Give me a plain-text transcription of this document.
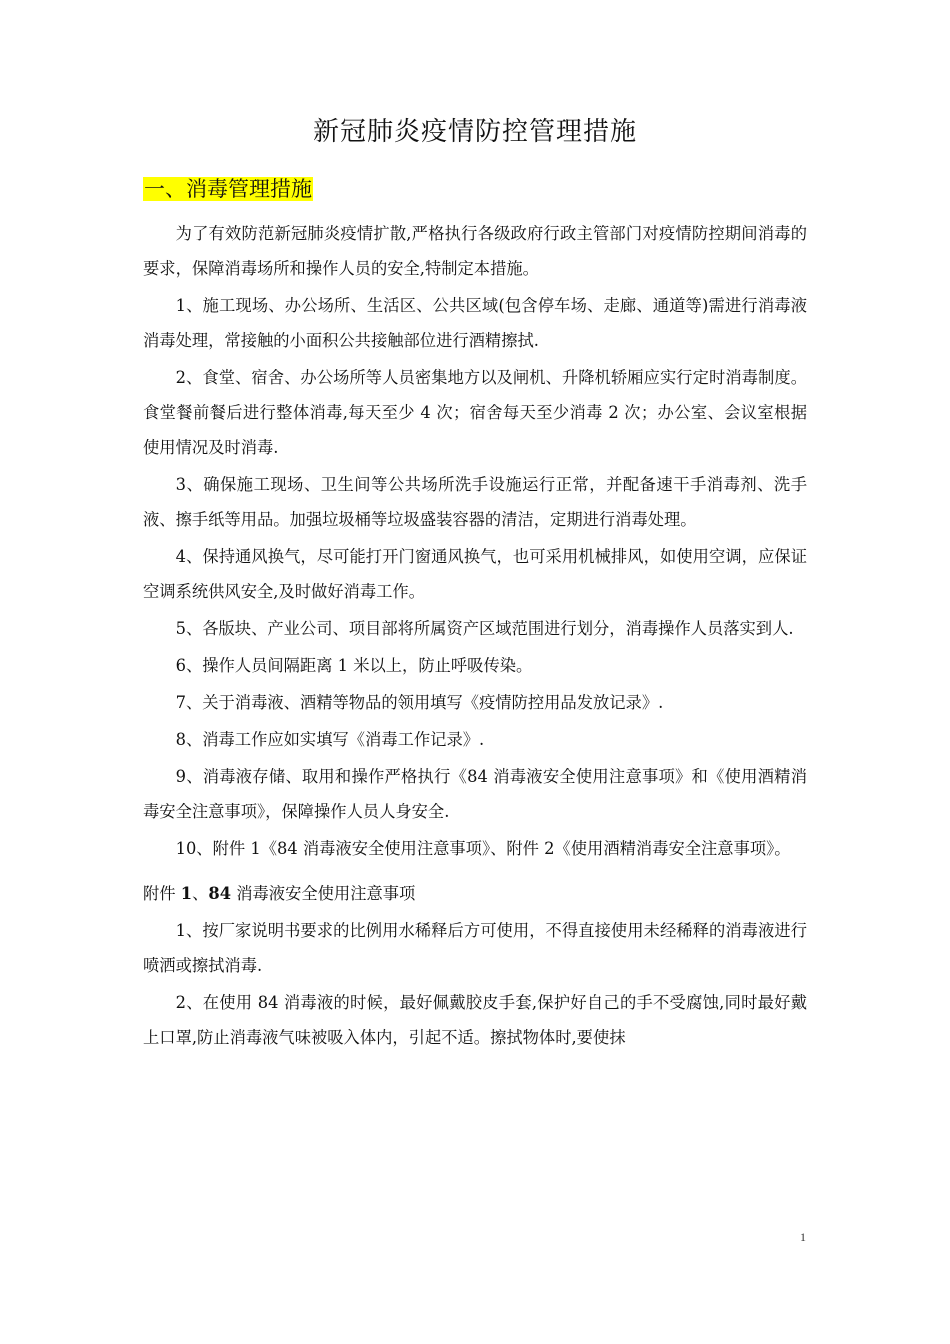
新冠肺炎疫情防控管理措施
一、消毒管理措施

为了有效防范新冠肺炎疫情扩散,严格执行各级政府行政主管部门对疫情防控期间消毒的要求，保障消毒场所和操作人员的安全,特制定本措施。

1、施工现场、办公场所、生活区、公共区域(包含停车场、走廊、通道等)需进行消毒液消毒处理，常接触的小面积公共接触部位进行酒精擦拭.

2、食堂、宿舍、办公场所等人员密集地方以及闸机、升降机轿厢应实行定时消毒制度。食堂餐前餐后进行整体消毒,每天至少 4 次；宿舍每天至少消毒 2 次；办公室、会议室根据使用情况及时消毒.

3、确保施工现场、卫生间等公共场所洗手设施运行正常，并配备速干手消毒剂、洗手液、擦手纸等用品。加强垃圾桶等垃圾盛装容器的清洁，定期进行消毒处理。

4、保持通风换气，尽可能打开门窗通风换气，也可采用机械排风，如使用空调，应保证空调系统供风安全,及时做好消毒工作。

5、各版块、产业公司、项目部将所属资产区域范围进行划分，消毒操作人员落实到人.

6、操作人员间隔距离 1 米以上，防止呼吸传染。

7、关于消毒液、酒精等物品的领用填写《疫情防控用品发放记录》.

8、消毒工作应如实填写《消毒工作记录》.

9、消毒液存储、取用和操作严格执行《84 消毒液安全使用注意事项》和《使用酒精消毒安全注意事项》，保障操作人员人身安全.

10、附件 1《84 消毒液安全使用注意事项》、附件 2《使用酒精消毒安全注意事项》。

附件 1、84 消毒液安全使用注意事项

1、按厂家说明书要求的比例用水稀释后方可使用，不得直接使用未经稀释的消毒液进行喷洒或擦拭消毒.

2、在使用 84 消毒液的时候，最好佩戴胶皮手套,保护好自己的手不受腐蚀,同时最好戴上口罩,防止消毒液气味被吸入体内，引起不适。擦拭物体时,要使抹

1
